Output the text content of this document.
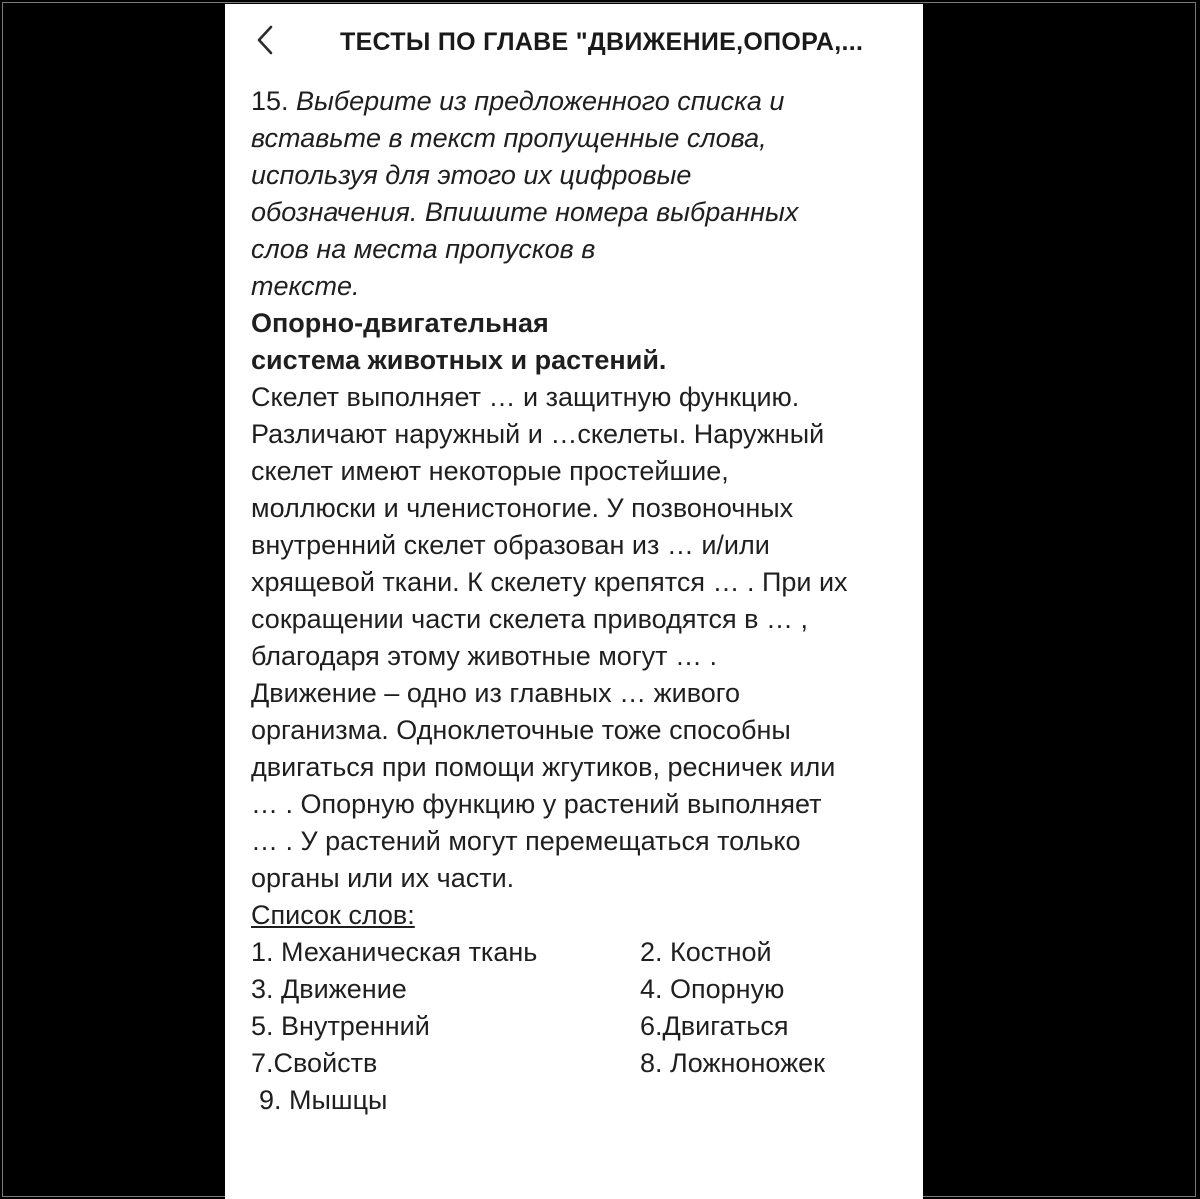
ТЕСТЫ ПО ГЛАВЕ "ДВИЖЕНИЕ,ОПОРА,...
15. Выберите из предложенного списка и
вставьте в текст пропущенные слова,
используя для этого их цифровые
обозначения. Впишите номера выбранных
слов на места пропусков в
тексте.
Опорно-двигательная
система животных и растений.
Скелет выполняет … и защитную функцию.
Различают наружный и …скелеты. Наружный
скелет имеют некоторые простейшие,
моллюски и членистоногие. У позвоночных
внутренний скелет образован из … и/или
хрящевой ткани. К скелету крепятся … . При их
сокращении части скелета приводятся в … ,
благодаря этому животные могут … .
Движение – одно из главных … живого
организма. Одноклеточные тоже способны
двигаться при помощи жгутиков, ресничек или
… . Опорную функцию у растений выполняет
… . У растений могут перемещаться только
органы или их части.
Список слов:
1. Механическая ткань	2. Костной
3. Движение	4. Опорную
5. Внутренний	6.Двигаться
7.Свойств	8. Ложноножек
9. Мышцы
